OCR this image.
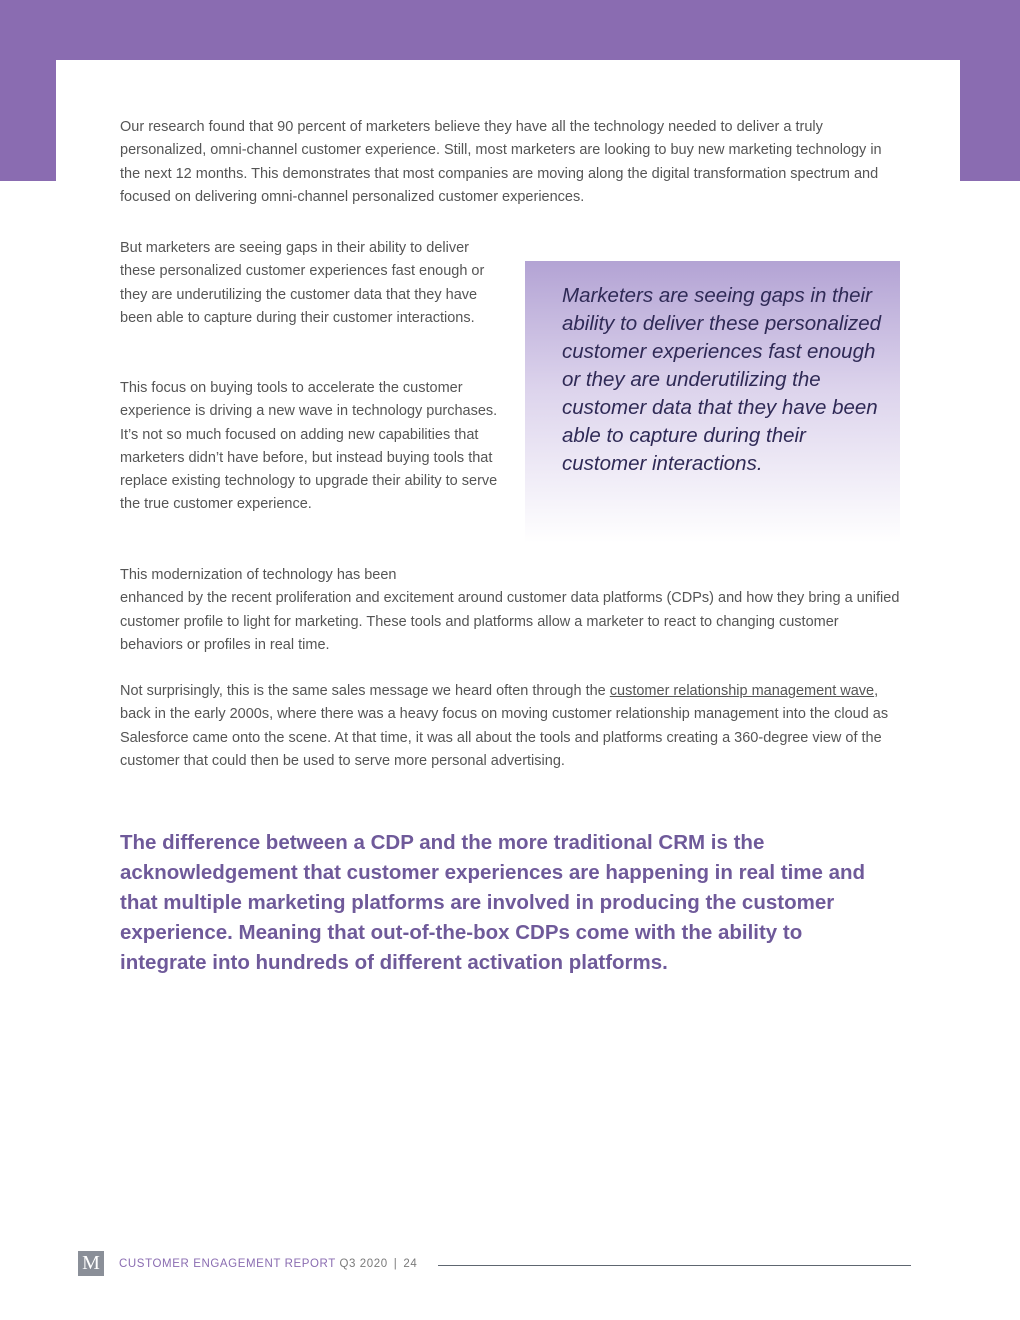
Our research found that 90 percent of marketers believe they have all the technology needed to deliver a truly personalized, omni-channel customer experience. Still, most marketers are looking to buy new marketing technology in the next 12 months. This demonstrates that most companies are moving along the digital transformation spectrum and focused on delivering omni-channel personalized customer experiences.

But marketers are seeing gaps in their ability to deliver these personalized customer experiences fast enough or they are underutilizing the customer data that they have been able to capture during their customer interactions.

Marketers are seeing gaps in their ability to deliver these personalized customer experiences fast enough or they are underutilizing the customer data that they have been able to capture during their customer interactions.

This focus on buying tools to accelerate the customer experience is driving a new wave in technology purchases. It’s not so much focused on adding new capabilities that marketers didn’t have before, but instead buying tools that replace existing technology to upgrade their ability to serve the true customer experience.

This modernization of technology has been
enhanced by the recent proliferation and excitement around customer data platforms (CDPs) and how they bring a unified customer profile to light for marketing. These tools and platforms allow a marketer to react to changing customer behaviors or profiles in real time.

Not surprisingly, this is the same sales message we heard often through the customer relationship management wave, back in the early 2000s, where there was a heavy focus on moving customer relationship management into the cloud as Salesforce came onto the scene. At that time, it was all about the tools and platforms creating a 360-degree view of the customer that could then be used to serve more personal advertising.

The difference between a CDP and the more traditional CRM is the acknowledgement that customer experiences are happening in real time and that multiple marketing platforms are involved in producing the customer experience. Meaning that out-of-the-box CDPs come with the ability to integrate into hundreds of different activation platforms.

M	CUSTOMER ENGAGEMENT REPORT Q3 2020 | 24
